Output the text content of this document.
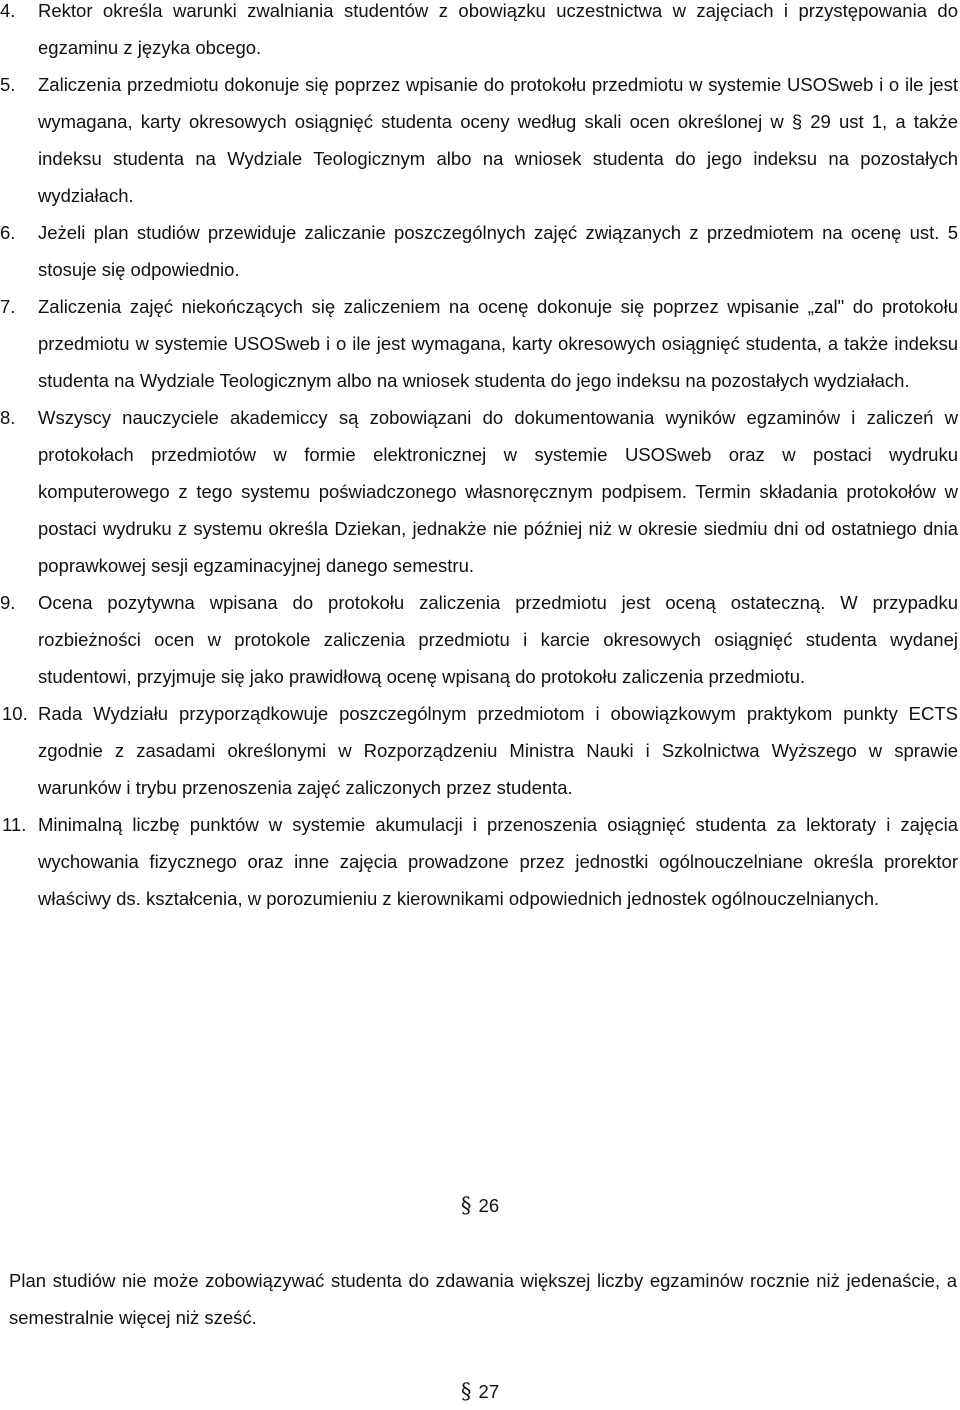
4.	Rektor określa warunki zwalniania studentów z obowiązku uczestnictwa w zajęciach i przystępowania do egzaminu z języka obcego.
5.	Zaliczenia przedmiotu dokonuje się poprzez wpisanie do protokołu przedmiotu w systemie USOSweb i o ile jest wymagana, karty okresowych osiągnięć studenta oceny według skali ocen określonej w § 29 ust 1, a także indeksu studenta na Wydziale Teologicznym albo na wniosek studenta do jego indeksu na pozostałych wydziałach.
6.	Jeżeli plan studiów przewiduje zaliczanie poszczególnych zajęć związanych z przedmiotem na ocenę ust. 5 stosuje się odpowiednio.
7.	Zaliczenia zajęć niekończących się zaliczeniem na ocenę dokonuje się poprzez wpisanie „zal" do protokołu przedmiotu w systemie USOSweb i o ile jest wymagana, karty okresowych osiągnięć studenta, a także indeksu studenta na Wydziale Teologicznym albo na wniosek studenta do jego indeksu na pozostałych wydziałach.
8.	Wszyscy nauczyciele akademiccy są zobowiązani do dokumentowania wyników egzaminów i zaliczeń w protokołach przedmiotów w formie elektronicznej w systemie USOSweb oraz w postaci wydruku komputerowego z tego systemu poświadczonego własnoręcznym podpisem. Termin składania protokołów w postaci wydruku z systemu określa Dziekan, jednakże nie później niż w okresie siedmiu dni od ostatniego dnia poprawkowej sesji egzaminacyjnej danego semestru.
9.	Ocena pozytywna wpisana do protokołu zaliczenia przedmiotu jest oceną ostateczną. W przypadku rozbieżności ocen w protokole zaliczenia przedmiotu i karcie okresowych osiągnięć studenta wydanej studentowi, przyjmuje się jako prawidłową ocenę wpisaną do protokołu zaliczenia przedmiotu.
10. Rada Wydziału przyporządkowuje poszczególnym przedmiotom i obowiązkowym praktykom punkty ECTS zgodnie z zasadami określonymi w Rozporządzeniu Ministra Nauki i Szkolnictwa Wyższego w sprawie warunków i trybu przenoszenia zajęć zaliczonych przez studenta.
11. Minimalną liczbę punktów w systemie akumulacji i przenoszenia osiągnięć studenta za lektoraty i zajęcia wychowania fizycznego oraz inne zajęcia prowadzone przez jednostki ogólnouczelniane określa prorektor właściwy ds. kształcenia, w porozumieniu z kierownikami odpowiednich jednostek ogólnouczelnianych.
§ 26

Plan studiów nie może zobowiązywać studenta do zdawania większej liczby egzaminów rocznie niż jedenaście, a semestralnie więcej niż sześć.

§ 27
